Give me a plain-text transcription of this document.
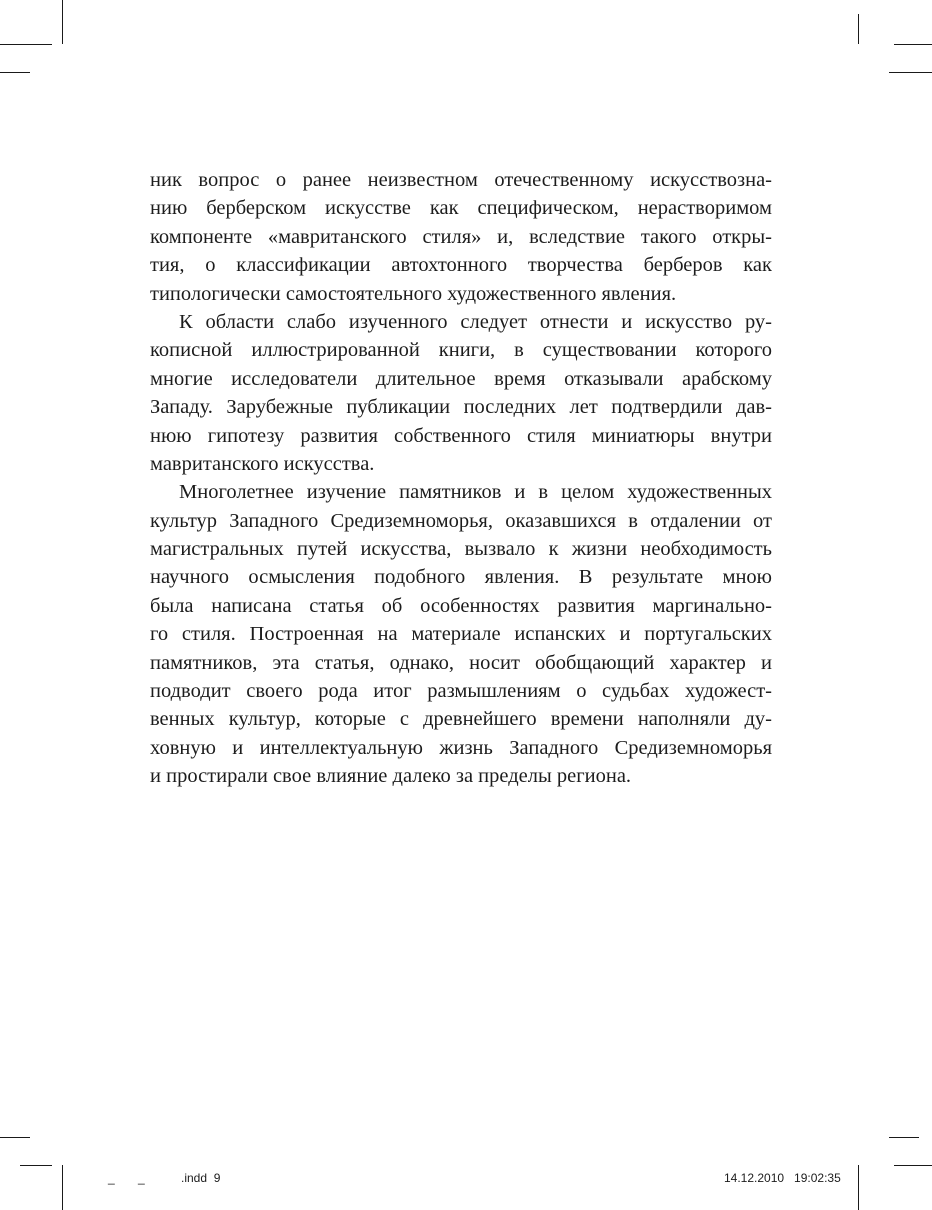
ник вопрос о ранее неизвестном отечественному искусствозна-
нию берберском искусстве как специфическом, нерастворимом
компоненте «мавританского стиля» и, вследствие такого откры-
тия, о классификации автохтонного творчества берберов как
типологически самостоятельного художественного явления.
К области слабо изученного следует отнести и искусство ру-
кописной иллюстрированной книги, в существовании которого
многие исследователи длительное время отказывали арабскому
Западу. Зарубежные публикации последних лет подтвердили дав-
нюю гипотезу развития собственного стиля миниатюры внутри
мавританского искусства.
Многолетнее изучение памятников и в целом художественных
культур Западного Средиземноморья, оказавшихся в отдалении от
магистральных путей искусства, вызвало к жизни необходимость
научного осмысления подобного явления. В результате мною
была написана статья об особенностях развития маргинально-
го стиля. Построенная на материале испанских и португальских
памятников, эта статья, однако, носит обобщающий характер и
подводит своего рода итог размышлениям о судьбах художест-
венных культур, которые с древнейшего времени наполняли ду-
ховную и интеллектуальную жизнь Западного Средиземноморья
и простирали свое влияние далеко за пределы региона.
_       _	.indd  9	14.12.2010   19:02:35
